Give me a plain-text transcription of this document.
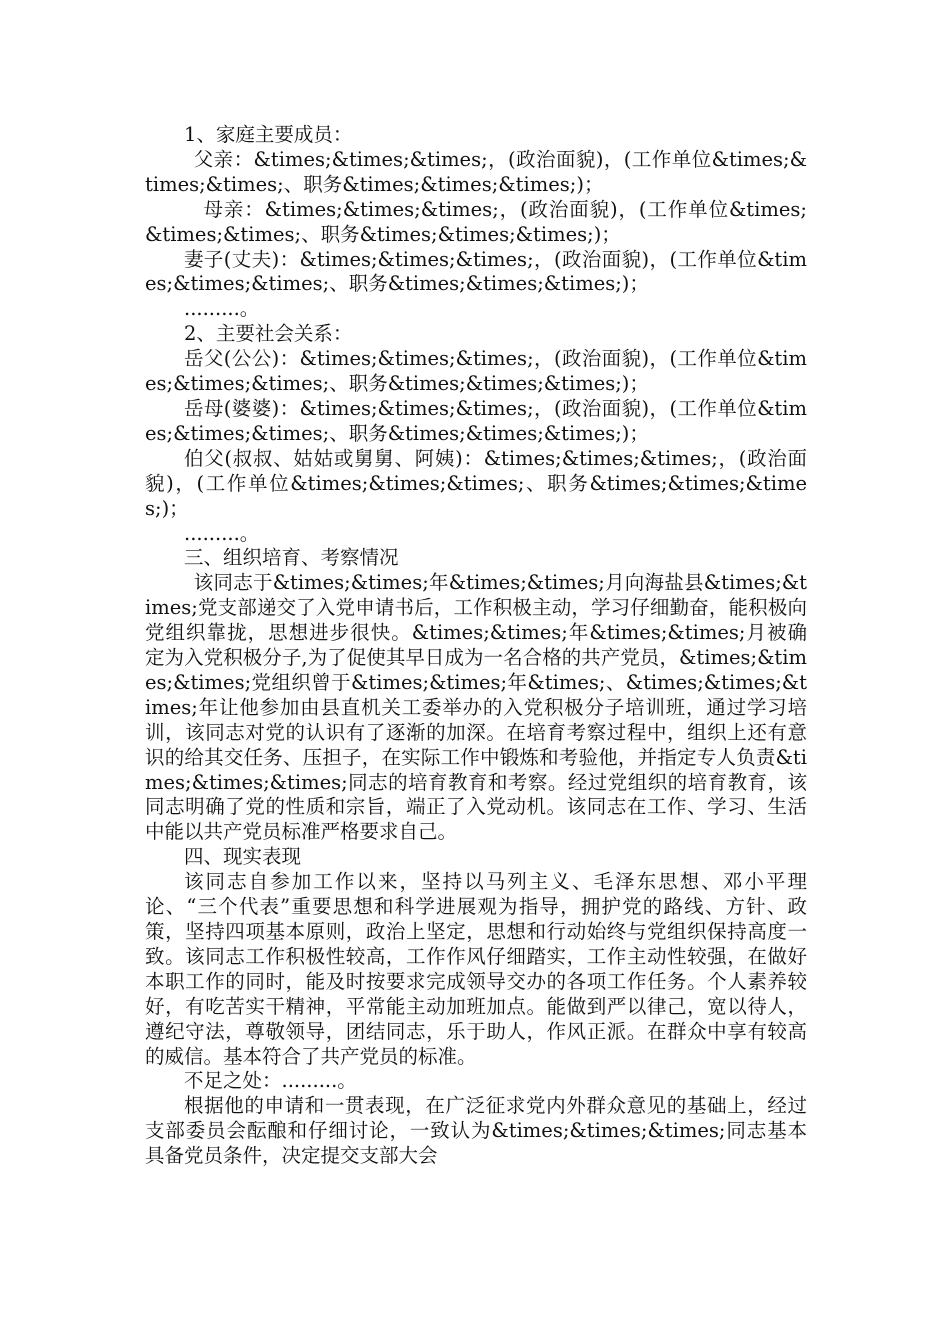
1、家庭主要成员：

父亲：&times;&times;&times;，(政治面貌)，(工作单位&times;&times;&times;、职务&times;&times;&times;)；

母亲：&times;&times;&times;，(政治面貌)，(工作单位&times;&times;&times;、职务&times;&times;&times;)；

妻子(丈夫)：&times;&times;&times;，(政治面貌)，(工作单位&times;&times;&times;、职务&times;&times;&times;)；

.........。

2、主要社会关系：

岳父(公公)：&times;&times;&times;，(政治面貌)，(工作单位&times;&times;&times;、职务&times;&times;&times;)；

岳母(婆婆)：&times;&times;&times;，(政治面貌)，(工作单位&times;&times;&times;、职务&times;&times;&times;)；

伯父(叔叔、姑姑或舅舅、阿姨)：&times;&times;&times;，(政治面貌)，(工作单位&times;&times;&times;、职务&times;&times;&times;)；

.........。

三、组织培育、考察情况

该同志于&times;&times;年&times;&times;月向海盐县&times;&times;党支部递交了入党申请书后，工作积极主动，学习仔细勤奋，能积极向党组织靠拢，思想进步很快。&times;&times;年&times;&times;月被确定为入党积极分子,为了促使其早日成为一名合格的共产党员，&times;&times;&times;党组织曾于&times;&times;年&times;、&times;&times;&times;年让他参加由县直机关工委举办的入党积极分子培训班，通过学习培训，该同志对党的认识有了逐渐的加深。在培育考察过程中，组织上还有意识的给其交任务、压担子，在实际工作中锻炼和考验他，并指定专人负责&times;&times;&times;同志的培育教育和考察。经过党组织的培育教育，该同志明确了党的性质和宗旨，端正了入党动机。该同志在工作、学习、生活中能以共产党员标准严格要求自己。

四、现实表现

该同志自参加工作以来，坚持以马列主义、毛泽东思想、邓小平理论、“三个代表”重要思想和科学进展观为指导，拥护党的路线、方针、政策，坚持四项基本原则，政治上坚定，思想和行动始终与党组织保持高度一致。该同志工作积极性较高，工作作风仔细踏实，工作主动性较强，在做好本职工作的同时，能及时按要求完成领导交办的各项工作任务。个人素养较好，有吃苦实干精神，平常能主动加班加点。能做到严以律己，宽以待人，遵纪守法，尊敬领导，团结同志，乐于助人，作风正派。在群众中享有较高的威信。基本符合了共产党员的标准。

不足之处：.........。

根据他的申请和一贯表现，在广泛征求党内外群众意见的基础上，经过支部委员会酝酿和仔细讨论，一致认为&times;&times;&times;同志基本具备党员条件，决定提交支部大会
